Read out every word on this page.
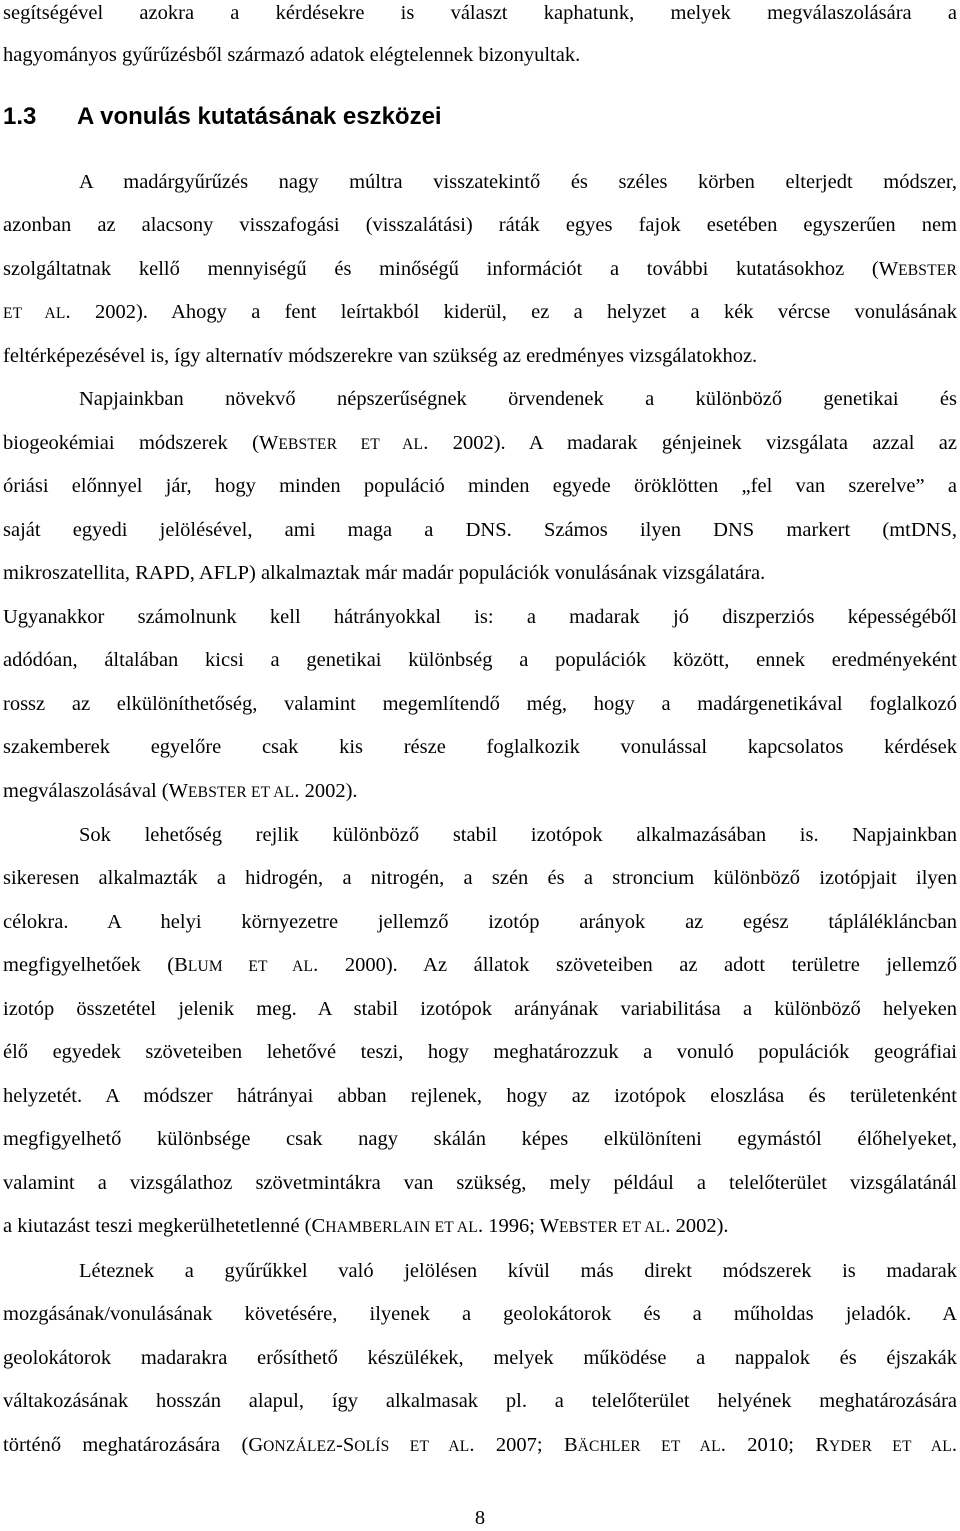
segítségével azokra a kérdésekre is választ kaphatunk, melyek megválaszolására a
hagyományos gyűrűzésből származó adatok elégtelennek bizonyultak.
1.3 A vonulás kutatásának eszközei
A madárgyűrűzés nagy múltra visszatekintő és széles körben elterjedt módszer,
azonban az alacsony visszafogási (visszalátási) ráták egyes fajok esetében egyszerűen nem
szolgáltatnak kellő mennyiségű és minőségű információt a további kutatásokhoz (WEBSTER
ET AL. 2002). Ahogy a fent leírtakból kiderül, ez a helyzet a kék vércse vonulásának
feltérképezésével is, így alternatív módszerekre van szükség az eredményes vizsgálatokhoz.
Napjainkban növekvő népszerűségnek örvendenek a különböző genetikai és
biogeokémiai módszerek (WEBSTER ET AL. 2002). A madarak génjeinek vizsgálata azzal az
óriási előnnyel jár, hogy minden populáció minden egyede öröklötten „fel van szerelve” a
saját egyedi jelölésével, ami maga a DNS. Számos ilyen DNS markert (mtDNS,
mikroszatellita, RAPD, AFLP) alkalmaztak már madár populációk vonulásának vizsgálatára.
Ugyanakkor számolnunk kell hátrányokkal is: a madarak jó diszperziós képességéből
adódóan, általában kicsi a genetikai különbség a populációk között, ennek eredményeként
rossz az elkülöníthetőség, valamint megemlítendő még, hogy a madárgenetikával foglalkozó
szakemberek egyelőre csak kis része foglalkozik vonulással kapcsolatos kérdések
megválaszolásával (WEBSTER ET AL. 2002).
Sok lehetőség rejlik különböző stabil izotópok alkalmazásában is. Napjainkban
sikeresen alkalmazták a hidrogén, a nitrogén, a szén és a stroncium különböző izotópjait ilyen
célokra. A helyi környezetre jellemző izotóp arányok az egész táplálékláncban
megfigyelhetőek (BLUM ET AL. 2000). Az állatok szöveteiben az adott területre jellemző
izotóp összetétel jelenik meg. A stabil izotópok arányának variabilitása a különböző helyeken
élő egyedek szöveteiben lehetővé teszi, hogy meghatározzuk a vonuló populációk geográfiai
helyzetét. A módszer hátrányai abban rejlenek, hogy az izotópok eloszlása és területenként
megfigyelhető különbsége csak nagy skálán képes elkülöníteni egymástól élőhelyeket,
valamint a vizsgálathoz szövetmintákra van szükség, mely például a telelőterület vizsgálatánál
a kiutazást teszi megkerülhetetlenné (CHAMBERLAIN ET AL. 1996; WEBSTER ET AL. 2002).
Léteznek a gyűrűkkel való jelölésen kívül más direkt módszerek is madarak
mozgásának/vonulásának követésére, ilyenek a geolokátorok és a műholdas jeladók. A
geolokátorok madarakra erősíthető készülékek, melyek működése a nappalok és éjszakák
váltakozásának hosszán alapul, így alkalmasak pl. a telelőterület helyének meghatározására
történő meghatározására (GONZÁLEZ-SOLÍS ET AL. 2007; BÄCHLER ET AL. 2010; RYDER ET AL.
8
